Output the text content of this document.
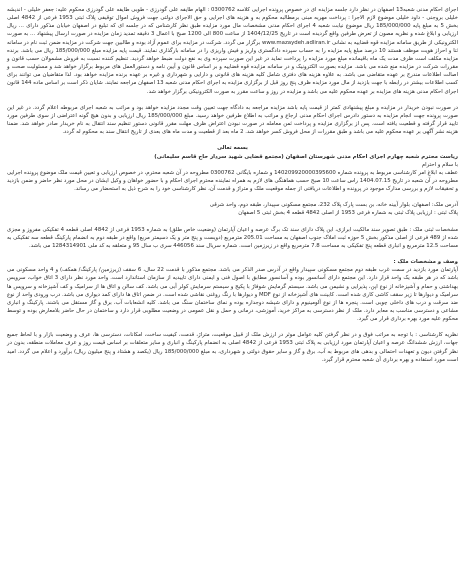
اجرای احکام مدنی شعبه13 اصفهان در نظر دارد جلسه مزایده ای در خصوص پرونده اجرایی کلاسه 0300762 : الهام طایفه علی گودرزی - طوبی طایفه علی گودرزی محکوم علیه: جعفر خلیلی - اندیشه خلیلی بروجنی - داود خلیلی موضوع لازم الاجرا : پرداخت مهریه مبنی برمطالبه محکوم به و هزینه های اجرایی و حق الاجرای دولتی جهت فروش اموال توقیفی پلاک ثبتی 1953 فرعی از 4842 اصلی بخش 5 به مبلغ پایه 185/000/000 ریال موضوع نیابت شعبه 4 اجرای احکام مدنی مشخصات مال مورد مزایده طبق نظر کارشناس که در جلسه ای که تبلیغ در اصفهان خیابان مذکور دارای ... ریال ارزیابی و ابلاغ شده و نظریه مصون از تعرض طرفین واقع گردیده است در تاریخ 1404/12/25 از ساعت 800 الی 1200 صبح با اعمال 3 دقیقه تمدید زمان مزایده در صورت ارسال پیشنهاد ... به صورت الکترونیکی از طریق سامانه مزایده قوه قضاییه به نشانی www.mazaydeh.adliran.ir برگزار می گردد. شرکت در مزایده برای عموم آزاد بوده و طالبین جهت شرکت در مزایده ضمن ثبت نام در سامانه ثنا و احراز هویت موظف هستند 10 درصد مبلغ پایه مزایده را به حساب سپرده دادگستری واریز و فیش واریزی را در سامانه بارگذاری نمایند. قیمت پایه مزایده مبلغ 185/000/000 ریال می باشد. برنده مزایده مکلف است ظرف مدت یک ماه باقیمانده مبلغ مورد مزایده را پرداخت نماید در غیر این صورت سپرده وی به نفع دولت ضبط خواهد گردید. تنظیم کننده نسبت به فروش مشمولان حسب قانون و مقررات شرکت در مزایده منع شده می باشد. مزایده بصورت الکترونیک و در سامانه مزایده قوه قضاییه و بر اساس قانون و آیین نامه و دستورالعمل های مربوط برگزار خواهد شد و مسئولیت صحت و اصالت اطلاعات مندرج بر عهده متقاضی می باشد. به علاوه هزینه های دفتری شامل کلیه هزینه های قانونی و دارایی و شهرداری و غیره بر عهده برنده مزایده خواهد بود. لذا متقاضیان می توانند برای کسب اطلاعات بیشتر در رابطه با جهت بازدید از مال مورد مزایده ظرف پنج روز قبل از برگزاری مزایده به اجرای احکام مدنی شعبه 13 اصفهان مراجعه نمایند. شایان ذکر است بر اساس ماده 144 قانون اجرای احکام مدنی هزینه های مزایده بر عهده محکوم علیه می باشد و مزایده در روز و ساعت مقرر به صورت الکترونیکی برگزار خواهد شد.

در صورت نبودن خریدار در مزایده و مبلغ پیشنهادی کمتر از قیمت پایه باشد مزایده مراجعه به دادگاه جهت تعیین وقت مجدد مزایده خواهد بود و مراتب به شعبه اجرای مربوطه اعلام گردد. در غیر این صورت پرونده جهت انجام مزایده به دستور دادرس اجرای احکام مدنی ارجاع و مراتب به اطلاع طرفین خواهد رسید. مبلغ 185/000/000 ریال ارزیابی و بدون هیچ گونه اعتراضی از سوی طرفین مورد تایید قرار گرفته و قطعیت یافته است. پس از برگزاری مزایده و پرداخت ثمن معامله در صورت نبودن اعتراض ظرف مهلت مقرر قانونی دستور تنظیم سند انتقال به نام خریدار صادر خواهد شد. ضمنا هزینه نشر آگهی بر عهده محکوم علیه می باشد و طبق مقررات از محل فروش کسر خواهد شد. 2 ماه بعد از قطعیت و مدت ماه های بعدی از تاریخ انتقال سند به محکوم له گردد.

بسمه تعالی

ریاست محترم شعبه چهارم اجرای احکام مدنی شهرستان اصفهان (مجتمع قضایی شهید سردار حاج قاسم سلیمانی)

با سلام و احترام

عطف به ابلاغ امر کارشناسی مربوط به پرونده شماره 140209920000395600 و شماره بایگانی 0300762 مطروحه در آن شعبه محترم، در خصوص ارزیابی و تعیین قیمت ملک موضوع پرونده اجرایی مطروحه در آن شعبه در تاریخ 1404.07.15 راس ساعت 10 صبح حسب هماهنگی های لازم به همراه نماینده محترم اجرای احکام و با حضور خواهان و وکیل ایشان در محل مورد نظر حاضر و ضمن بازدید و تحقیقات لازم و بررسی مدارک موجود در پرونده و اطلاعات دریافتی از جمله موقعیت ملک و متراژ و قدمت آن، نظر کارشناسی خود را به شرح ذیل به استحضار می رساند.

آدرس ملک: اصفهان، بلوار آیینه خانه، بن بست پارک پلاک 232، مجتمع مسکونی سپیدار، طبقه دوم، واحد شرقی

پلاک ثبتی : ارزیابی پلاک ثبتی به شماره فرعی 1953 از اصلی 4842 قطعه 4 بخش ثبتی 5 اصفهان

مشخصات ثبتی ملک : طبق تصویر سند مالکیت ابرازی، این پلاک دارای سند تک برگ عرصه و اعیان آپارتمان (وضعیت خاص طلق) به شماره 1953 فرعی از 4842 اصلی قطعه 4 تفکیکی مفروز و مجزی شده از 489 فرعی از اصلی مذکور بخش 5 حوزه ثبت املاک جنوب اصفهان به مساحت 205.01 مترمربع (دویست و پنج متر و یک دسیمتر مربع) واقع در طبقه دوم به انضمام پارکینگ قطعه سه تفکیکی به مساحت 12.5 مترمربع و انباری قطعه پنج تفکیکی به مساحت 7.8 مترمربع واقع در زیرزمین است. شماره سریال سند 446056 سری ب سال 95 و متعلقه به کد ملی 1284314901 می باشد.

وصف و مشخصات ملک :

آپارتمان مورد بازدید در سمت غرب طبقه دوم مجتمع مسکونی سپیدار واقع در آدرس صدر الذکر می باشد. مجتمع مذکور با قدمت 22 سال، 6 سقف (زیرزمین/ پارکینگ/ همکف) و 4 واحد مسکونی می باشد که در هر طبقه یک واحد قرار دارد. این مجتمع دارای آسانسور بوده و آسانسور مطابق با اصول فنی و ایمنی دارای تاییدیه از سازمان استاندارد است. واحد مورد نظر دارای 3 اتاق خواب، سرویس بهداشتی و حمام و آشپزخانه از نوع اپن، پذیرایی و نشیمن می باشد. سیستم گرمایش شوفاژ با پکیج و سیستم سرمایش کولر آبی می باشد. کف سالن و اتاق ها از سرامیک و کف آشپزخانه و سرویس ها سرامیک و دیوارها تا زیر سقف کاشی کاری شده است. کابینت های آشپزخانه از نوع MDF و دیوارها با رنگ روغنی نقاشی شده است. در ضمن اتاق ها دارای کمد دیواری می باشد. درب ورودی واحد از نوع ضد سرقت و درب های داخلی چوبی است. پنجره ها از نوع آلومینیوم و دارای شیشه دوجداره بوده و نمای ساختمان سنگ می باشد. کلیه انشعابات آب، برق و گاز مستقل می باشند. پارکینگ و انباری مشاعی و دسترسی مناسب به معابر دارد. ملک از نظر دسترسی به مراکز خرید، آموزشی، درمانی و حمل و نقل عمومی در وضعیت مطلوبی قرار دارد و ساختمان در حال حاضر بلامعارض بوده و توسط محکوم علیه مورد بهره برداری قرار می گیرد.

نظریه کارشناسی : با توجه به مراتب فوق و در نظر گرفتن کلیه عوامل موثر در ارزش ملک از قبیل موقعیت، متراژ، قدمت، کیفیت ساخت، امکانات، دسترسی ها، عرف و وضعیت بازار و با لحاظ جمیع جهات، ارزش ششدانگ عرصه و اعیان آپارتمان مورد ارزیابی به پلاک ثبتی 1953 فرعی از 4842 اصلی به انضمام پارکینگ و انباری و سایر متعلقات بر اساس قیمت روز و عرف معاملات منطقه، بدون در نظر گرفتن دیون و تعهدات احتمالی و بدهی های مربوط به آب، برق و گاز و سایر حقوق دولتی و شهرداری، به مبلغ 185/000/000 ریال (یکصد و هشتاد و پنج میلیون ریال) برآورد و اعلام می گردد. امید است مورد استفاده و بهره برداری آن شعبه محترم قرار گیرد.
